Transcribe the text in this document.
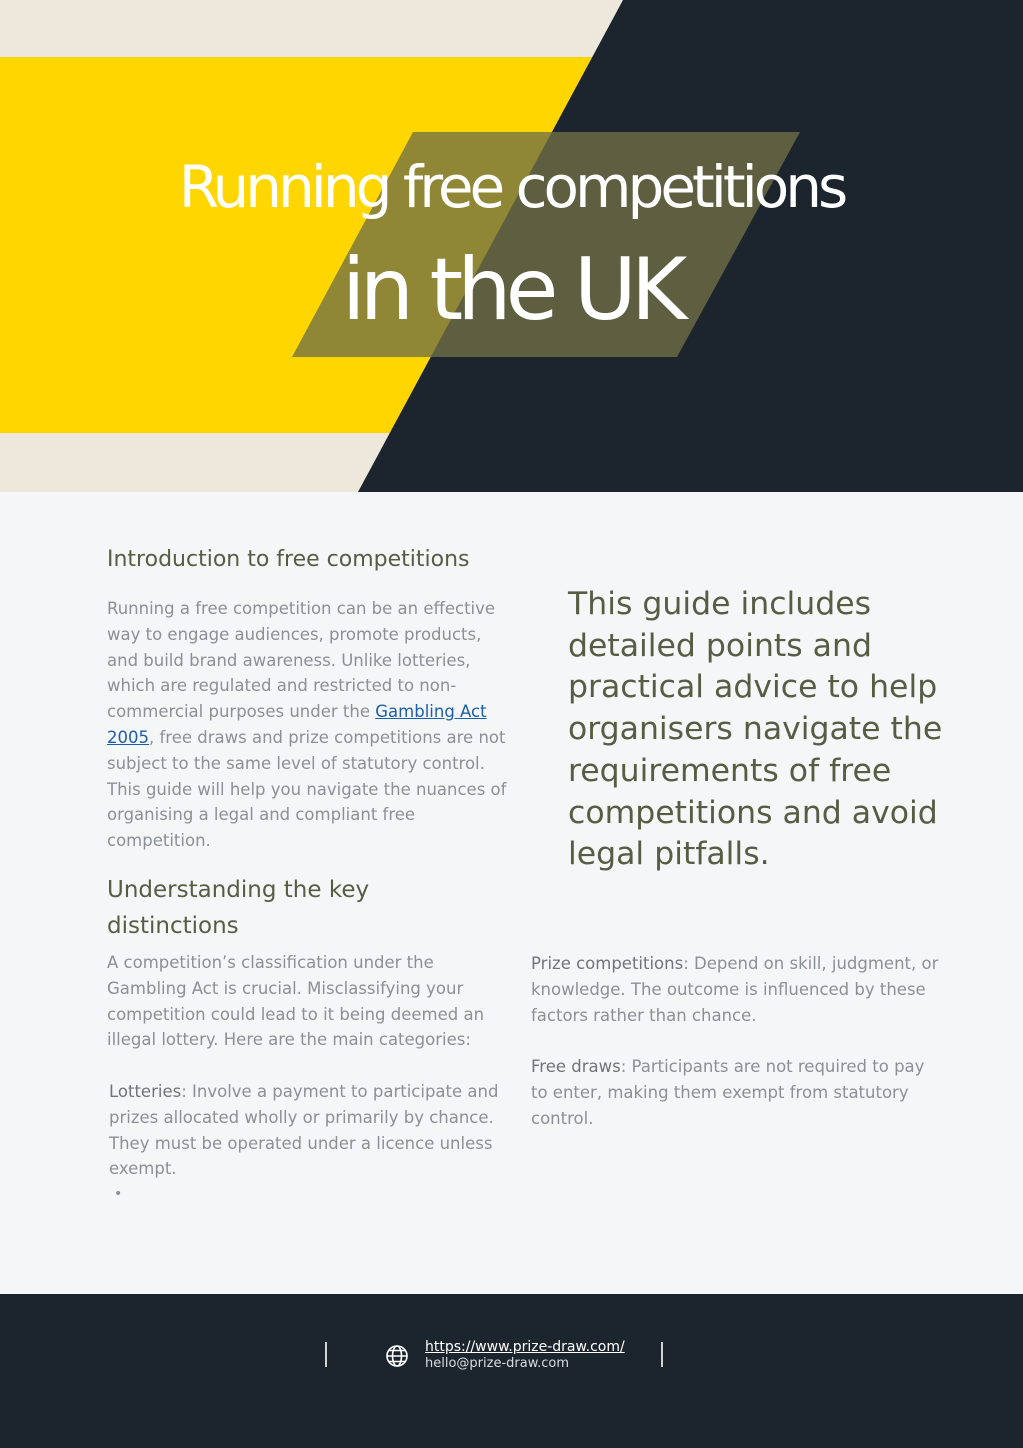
Running free competitions
in the UK
Introduction to free competitions

Running a free competition can be an effective way to engage audiences, promote products, and build brand awareness. Unlike lotteries, which are regulated and restricted to non-commercial purposes under the Gambling Act 2005, free draws and prize competitions are not subject to the same level of statutory control. This guide will help you navigate the nuances of organising a legal and compliant free competition.

This guide includes detailed points and practical advice to help organisers navigate the requirements of free competitions and avoid legal pitfalls.
Understanding the key distinctions

A competition’s classification under the Gambling Act is crucial. Misclassifying your competition could lead to it being deemed an illegal lottery. Here are the main categories:

Lotteries: Involve a payment to participate and prizes allocated wholly or primarily by chance. They must be operated under a licence unless exempt.

Prize competitions: Depend on skill, judgment, or knowledge. The outcome is influenced by these factors rather than chance.

Free draws: Participants are not required to pay to enter, making them exempt from statutory control.

•
https://www.prize-draw.com/
hello@prize-draw.com
